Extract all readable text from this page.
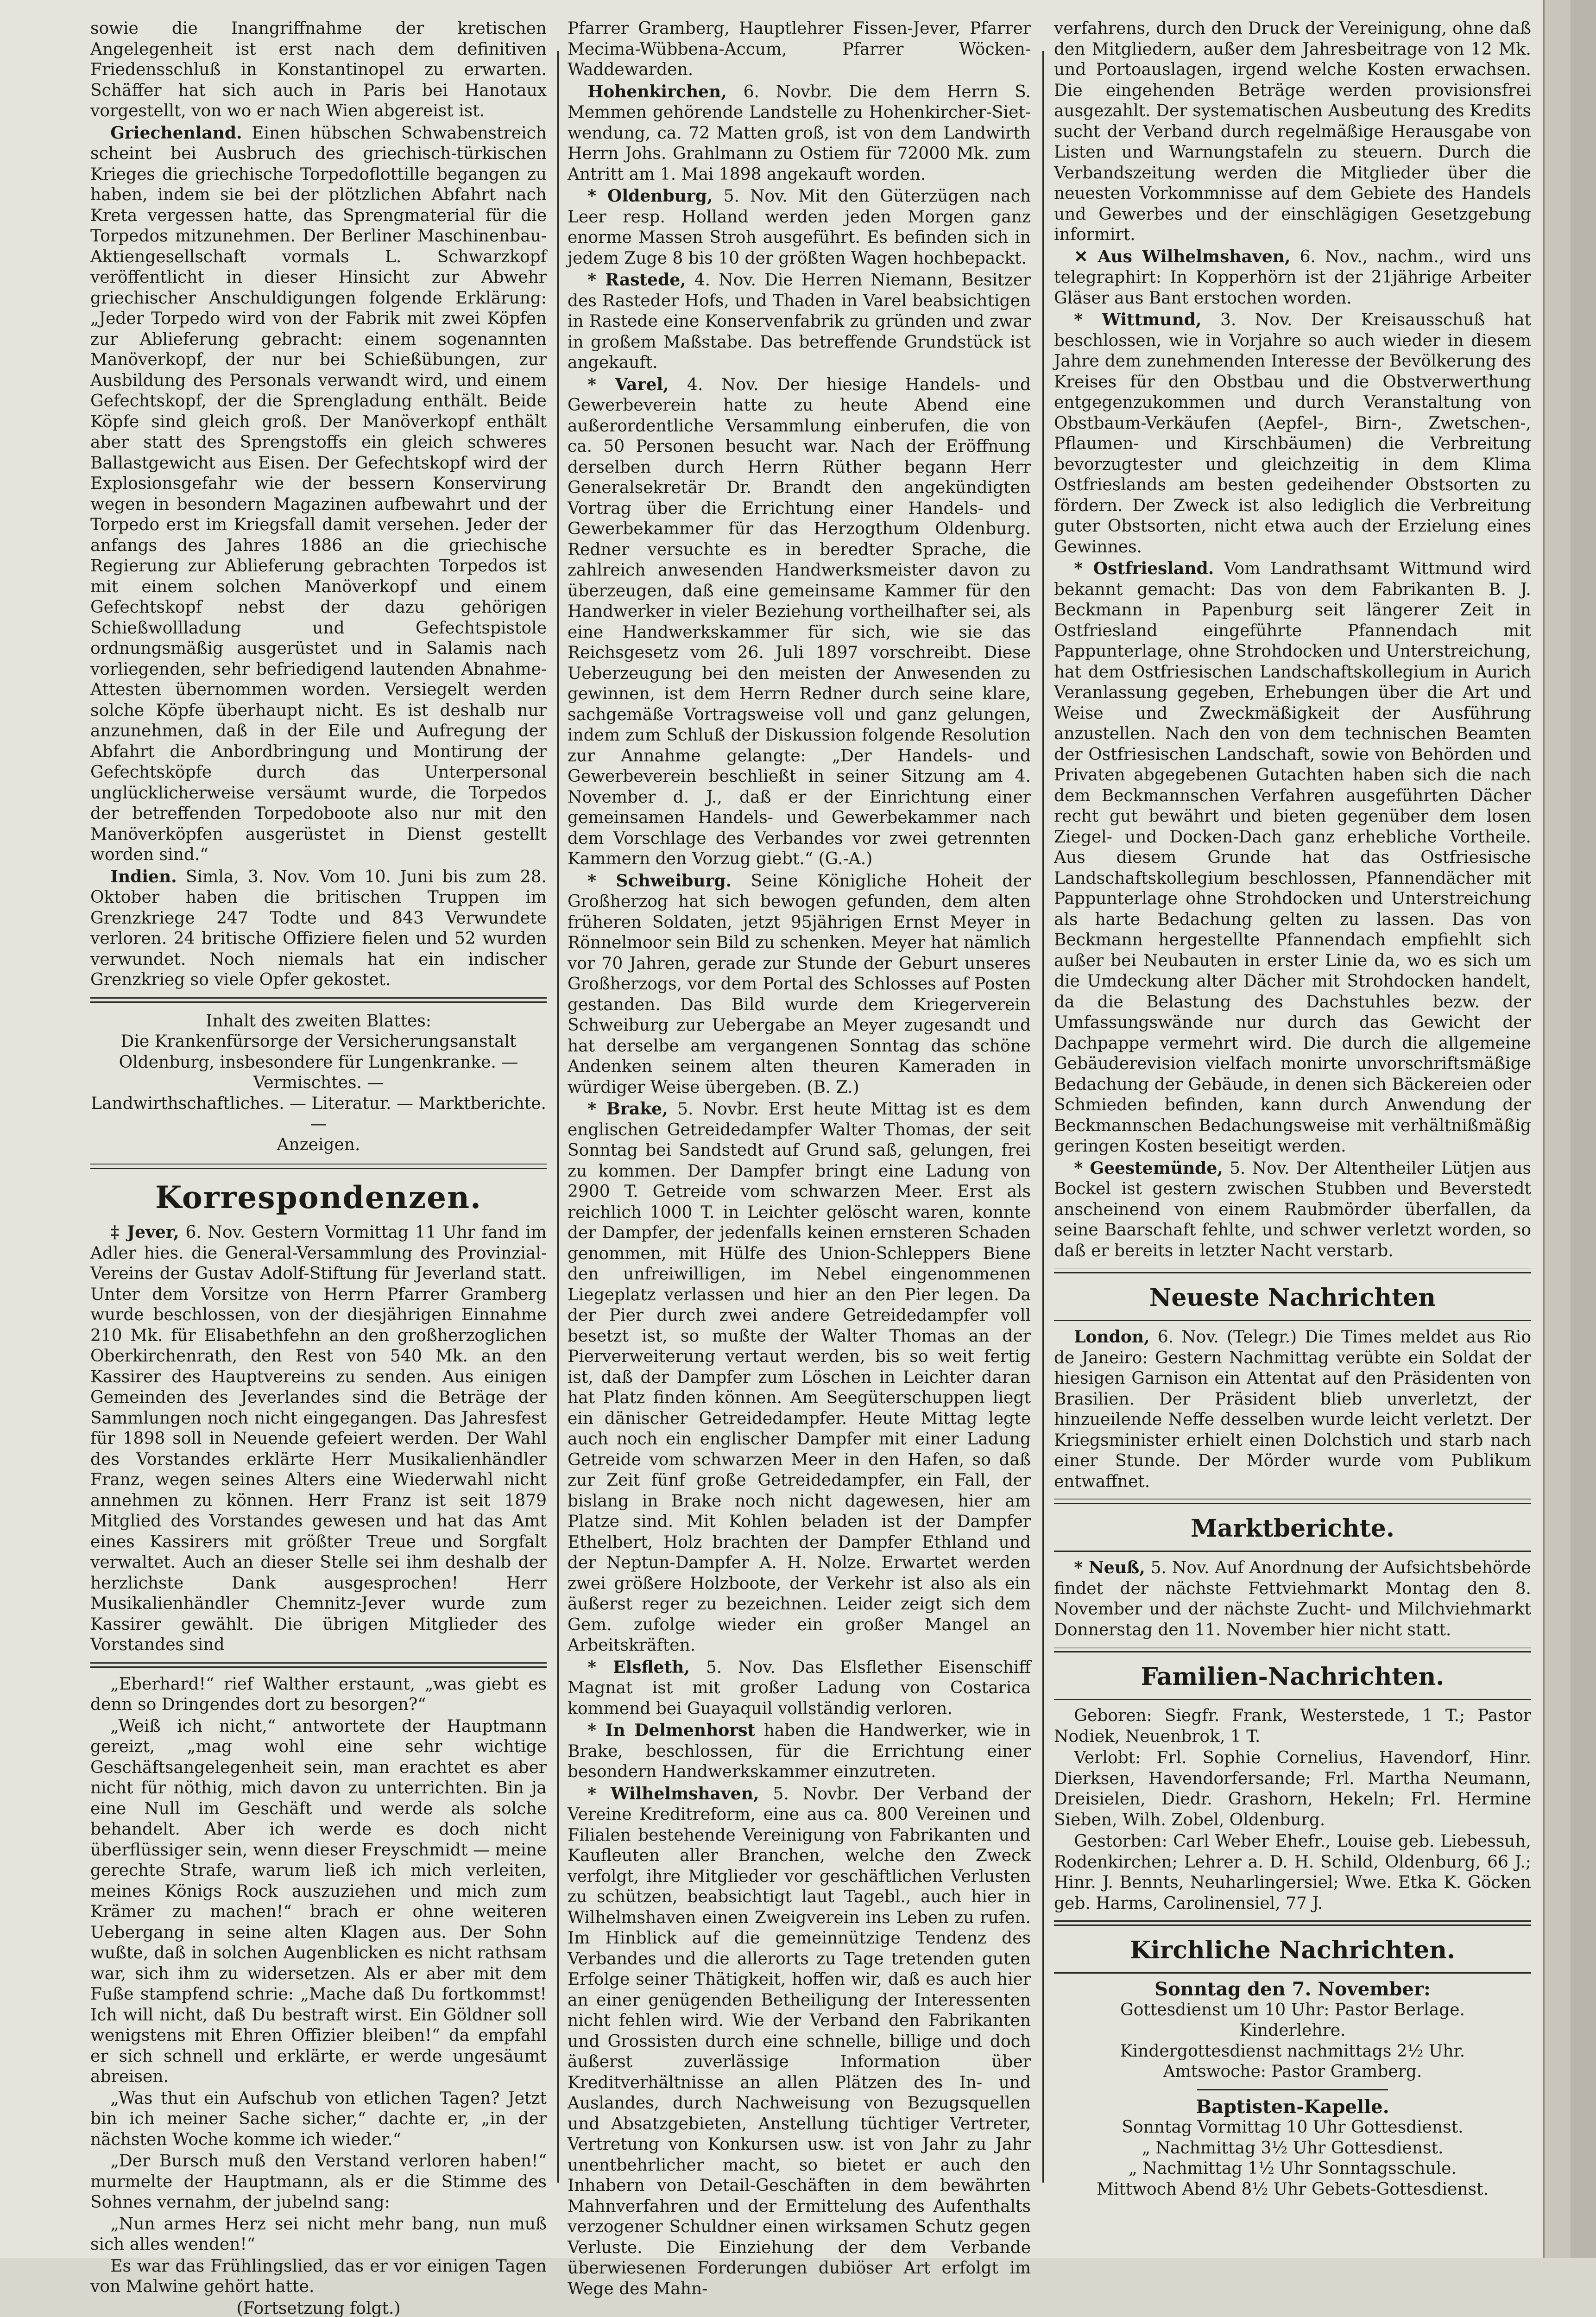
sowie die Inangriffnahme der kretischen Angelegenheit ist erst nach dem definitiven Friedensschluß in Konstantinopel zu erwarten. Schäffer hat sich auch in Paris bei Hanotaux vorgestellt, von wo er nach Wien abgereist ist.

Griechenland. Einen hübschen Schwabenstreich scheint bei Ausbruch des griechisch-türkischen Krieges die griechische Torpedoflottille begangen zu haben, indem sie bei der plötzlichen Abfahrt nach Kreta vergessen hatte, das Sprengmaterial für die Torpedos mitzunehmen. Der Berliner Maschinenbau-Aktiengesellschaft vormals L. Schwarzkopf veröffentlicht in dieser Hinsicht zur Abwehr griechischer Anschuldigungen folgende Erklärung: „Jeder Torpedo wird von der Fabrik mit zwei Köpfen zur Ablieferung gebracht: einem sogenannten Manöverkopf, der nur bei Schießübungen, zur Ausbildung des Personals verwandt wird, und einem Gefechtskopf, der die Sprengladung enthält. Beide Köpfe sind gleich groß. Der Manöverkopf enthält aber statt des Sprengstoffs ein gleich schweres Ballastgewicht aus Eisen. Der Gefechtskopf wird der Explosionsgefahr wie der bessern Konservirung wegen in besondern Magazinen aufbewahrt und der Torpedo erst im Kriegsfall damit versehen. Jeder der anfangs des Jahres 1886 an die griechische Regierung zur Ablieferung gebrachten Torpedos ist mit einem solchen Manöverkopf und einem Gefechtskopf nebst der dazu gehörigen Schießwollladung und Gefechtspistole ordnungsmäßig ausgerüstet und in Salamis nach vorliegenden, sehr befriedigend lautenden Abnahme-Attesten übernommen worden. Versiegelt werden solche Köpfe überhaupt nicht. Es ist deshalb nur anzunehmen, daß in der Eile und Aufregung der Abfahrt die Anbordbringung und Montirung der Gefechtsköpfe durch das Unterpersonal unglücklicherweise versäumt wurde, die Torpedos der betreffenden Torpedoboote also nur mit den Manöverköpfen ausgerüstet in Dienst gestellt worden sind.“

Indien. Simla, 3. Nov. Vom 10. Juni bis zum 28. Oktober haben die britischen Truppen im Grenzkriege 247 Todte und 843 Verwundete verloren. 24 britische Offiziere fielen und 52 wurden verwundet. Noch niemals hat ein indischer Grenzkrieg so viele Opfer gekostet.

Inhalt des zweiten Blattes:
Die Krankenfürsorge der Versicherungsanstalt Oldenburg, insbesondere für Lungenkranke. — Vermischtes. —
Landwirthschaftliches. — Literatur. — Marktberichte. —
Anzeigen.
Korrespondenzen.

‡ Jever, 6. Nov. Gestern Vormittag 11 Uhr fand im Adler hies. die General-Versammlung des Provinzial-Vereins der Gustav Adolf-Stiftung für Jeverland statt. Unter dem Vorsitze von Herrn Pfarrer Gramberg wurde beschlossen, von der diesjährigen Einnahme 210 Mk. für Elisabethfehn an den großherzoglichen Oberkirchenrath, den Rest von 540 Mk. an den Kassirer des Hauptvereins zu senden. Aus einigen Gemeinden des Jeverlandes sind die Beträge der Sammlungen noch nicht eingegangen. Das Jahresfest für 1898 soll in Neuende gefeiert werden. Der Wahl des Vorstandes erklärte Herr Musikalienhändler Franz, wegen seines Alters eine Wiederwahl nicht annehmen zu können. Herr Franz ist seit 1879 Mitglied des Vorstandes gewesen und hat das Amt eines Kassirers mit größter Treue und Sorgfalt verwaltet. Auch an dieser Stelle sei ihm deshalb der herzlichste Dank ausgesprochen! Herr Musikalienhändler Chemnitz-Jever wurde zum Kassirer gewählt. Die übrigen Mitglieder des Vorstandes sind

„Eberhard!“ rief Walther erstaunt, „was giebt es denn so Dringendes dort zu besorgen?“

„Weiß ich nicht,“ antwortete der Hauptmann gereizt, „mag wohl eine sehr wichtige Geschäftsangelegenheit sein, man erachtet es aber nicht für nöthig, mich davon zu unterrichten. Bin ja eine Null im Geschäft und werde als solche behandelt. Aber ich werde es doch nicht überflüssiger sein, wenn dieser Freyschmidt — meine gerechte Strafe, warum ließ ich mich verleiten, meines Königs Rock auszuziehen und mich zum Krämer zu machen!“ brach er ohne weiteren Uebergang in seine alten Klagen aus. Der Sohn wußte, daß in solchen Augenblicken es nicht rathsam war, sich ihm zu widersetzen. Als er aber mit dem Fuße stampfend schrie: „Mache daß Du fortkommst! Ich will nicht, daß Du bestraft wirst. Ein Göldner soll wenigstens mit Ehren Offizier bleiben!“ da empfahl er sich schnell und erklärte, er werde ungesäumt abreisen.

„Was thut ein Aufschub von etlichen Tagen? Jetzt bin ich meiner Sache sicher,“ dachte er, „in der nächsten Woche komme ich wieder.“

„Der Bursch muß den Verstand verloren haben!“ murmelte der Hauptmann, als er die Stimme des Sohnes vernahm, der jubelnd sang:

„Nun armes Herz sei nicht mehr bang, nun muß sich alles wenden!“

Es war das Frühlingslied, das er vor einigen Tagen von Malwine gehört hatte.

(Fortsetzung folgt.)

Pfarrer Gramberg, Hauptlehrer Fissen-Jever, Pfarrer Mecima-Wübbena-Accum, Pfarrer Wöcken-Waddewarden.

Hohenkirchen, 6. Novbr. Die dem Herrn S. Memmen gehörende Landstelle zu Hohenkircher-Siet-wendung, ca. 72 Matten groß, ist von dem Landwirth Herrn Johs. Grahlmann zu Ostiem für 72000 Mk. zum Antritt am 1. Mai 1898 angekauft worden.

* Oldenburg, 5. Nov. Mit den Güterzügen nach Leer resp. Holland werden jeden Morgen ganz enorme Massen Stroh ausgeführt. Es befinden sich in jedem Zuge 8 bis 10 der größten Wagen hochbepackt.

* Rastede, 4. Nov. Die Herren Niemann, Besitzer des Rasteder Hofs, und Thaden in Varel beabsichtigen in Rastede eine Konservenfabrik zu gründen und zwar in großem Maßstabe. Das betreffende Grundstück ist angekauft.

* Varel, 4. Nov. Der hiesige Handels- und Gewerbeverein hatte zu heute Abend eine außerordentliche Versammlung einberufen, die von ca. 50 Personen besucht war. Nach der Eröffnung derselben durch Herrn Rüther begann Herr Generalsekretär Dr. Brandt den angekündigten Vortrag über die Errichtung einer Handels- und Gewerbekammer für das Herzogthum Oldenburg. Redner versuchte es in beredter Sprache, die zahlreich anwesenden Handwerksmeister davon zu überzeugen, daß eine gemeinsame Kammer für den Handwerker in vieler Beziehung vortheilhafter sei, als eine Handwerkskammer für sich, wie sie das Reichsgesetz vom 26. Juli 1897 vorschreibt. Diese Ueberzeugung bei den meisten der Anwesenden zu gewinnen, ist dem Herrn Redner durch seine klare, sachgemäße Vortragsweise voll und ganz gelungen, indem zum Schluß der Diskussion folgende Resolution zur Annahme gelangte: „Der Handels- und Gewerbeverein beschließt in seiner Sitzung am 4. November d. J., daß er der Einrichtung einer gemeinsamen Handels- und Gewerbekammer nach dem Vorschlage des Verbandes vor zwei getrennten Kammern den Vorzug giebt.“ (G.-A.)

* Schweiburg. Seine Königliche Hoheit der Großherzog hat sich bewogen gefunden, dem alten früheren Soldaten, jetzt 95jährigen Ernst Meyer in Rönnelmoor sein Bild zu schenken. Meyer hat nämlich vor 70 Jahren, gerade zur Stunde der Geburt unseres Großherzogs, vor dem Portal des Schlosses auf Posten gestanden. Das Bild wurde dem Kriegerverein Schweiburg zur Uebergabe an Meyer zugesandt und hat derselbe am vergangenen Sonntag das schöne Andenken seinem alten theuren Kameraden in würdiger Weise übergeben. (B. Z.)

* Brake, 5. Novbr. Erst heute Mittag ist es dem englischen Getreidedampfer Walter Thomas, der seit Sonntag bei Sandstedt auf Grund saß, gelungen, frei zu kommen. Der Dampfer bringt eine Ladung von 2900 T. Getreide vom schwarzen Meer. Erst als reichlich 1000 T. in Leichter gelöscht waren, konnte der Dampfer, der jedenfalls keinen ernsteren Schaden genommen, mit Hülfe des Union-Schleppers Biene den unfreiwilligen, im Nebel eingenommenen Liegeplatz verlassen und hier an den Pier legen. Da der Pier durch zwei andere Getreidedampfer voll besetzt ist, so mußte der Walter Thomas an der Pierverweiterung vertaut werden, bis so weit fertig ist, daß der Dampfer zum Löschen in Leichter daran hat Platz finden können. Am Seegüterschuppen liegt ein dänischer Getreidedampfer. Heute Mittag legte auch noch ein englischer Dampfer mit einer Ladung Getreide vom schwarzen Meer in den Hafen, so daß zur Zeit fünf große Getreidedampfer, ein Fall, der bislang in Brake noch nicht dagewesen, hier am Platze sind. Mit Kohlen beladen ist der Dampfer Ethelbert, Holz brachten der Dampfer Ethland und der Neptun-Dampfer A. H. Nolze. Erwartet werden zwei größere Holzboote, der Verkehr ist also als ein äußerst reger zu bezeichnen. Leider zeigt sich dem Gem. zufolge wieder ein großer Mangel an Arbeitskräften.

* Elsfleth, 5. Nov. Das Elsflether Eisenschiff Magnat ist mit großer Ladung von Costarica kommend bei Guayaquil vollständig verloren.

* In Delmenhorst haben die Handwerker, wie in Brake, beschlossen, für die Errichtung einer besondern Handwerkskammer einzutreten.

* Wilhelmshaven, 5. Novbr. Der Verband der Vereine Kreditreform, eine aus ca. 800 Vereinen und Filialen bestehende Vereinigung von Fabrikanten und Kaufleuten aller Branchen, welche den Zweck verfolgt, ihre Mitglieder vor geschäftlichen Verlusten zu schützen, beabsichtigt laut Tagebl., auch hier in Wilhelmshaven einen Zweigverein ins Leben zu rufen. Im Hinblick auf die gemeinnützige Tendenz des Verbandes und die allerorts zu Tage tretenden guten Erfolge seiner Thätigkeit, hoffen wir, daß es auch hier an einer genügenden Betheiligung der Interessenten nicht fehlen wird. Wie der Verband den Fabrikanten und Grossisten durch eine schnelle, billige und doch äußerst zuverlässige Information über Kreditverhältnisse an allen Plätzen des In- und Auslandes, durch Nachweisung von Bezugsquellen und Absatzgebieten, Anstellung tüchtiger Vertreter, Vertretung von Konkursen usw. ist von Jahr zu Jahr unentbehrlicher macht, so bietet er auch den Inhabern von Detail-Geschäften in dem bewährten Mahnverfahren und der Ermittelung des Aufenthalts verzogener Schuldner einen wirksamen Schutz gegen Verluste. Die Einziehung der dem Verbande überwiesenen Forderungen dubiöser Art erfolgt im Wege des Mahn-

verfahrens, durch den Druck der Vereinigung, ohne daß den Mitgliedern, außer dem Jahresbeitrage von 12 Mk. und Portoauslagen, irgend welche Kosten erwachsen. Die eingehenden Beträge werden provisionsfrei ausgezahlt. Der systematischen Ausbeutung des Kredits sucht der Verband durch regelmäßige Herausgabe von Listen und Warnungstafeln zu steuern. Durch die Verbandszeitung werden die Mitglieder über die neuesten Vorkommnisse auf dem Gebiete des Handels und Gewerbes und der einschlägigen Gesetzgebung informirt.

✕ Aus Wilhelmshaven, 6. Nov., nachm., wird uns telegraphirt: In Kopperhörn ist der 21jährige Arbeiter Gläser aus Bant erstochen worden.

* Wittmund, 3. Nov. Der Kreisausschuß hat beschlossen, wie in Vorjahre so auch wieder in diesem Jahre dem zunehmenden Interesse der Bevölkerung des Kreises für den Obstbau und die Obstverwerthung entgegenzukommen und durch Veranstaltung von Obstbaum-Verkäufen (Aepfel-, Birn-, Zwetschen-, Pflaumen- und Kirschbäumen) die Verbreitung bevorzugtester und gleichzeitig in dem Klima Ostfrieslands am besten gedeihender Obstsorten zu fördern. Der Zweck ist also lediglich die Verbreitung guter Obstsorten, nicht etwa auch der Erzielung eines Gewinnes.

* Ostfriesland. Vom Landrathsamt Wittmund wird bekannt gemacht: Das von dem Fabrikanten B. J. Beckmann in Papenburg seit längerer Zeit in Ostfriesland eingeführte Pfannendach mit Pappunterlage, ohne Strohdocken und Unterstreichung, hat dem Ostfriesischen Landschaftskollegium in Aurich Veranlassung gegeben, Erhebungen über die Art und Weise und Zweckmäßigkeit der Ausführung anzustellen. Nach den von dem technischen Beamten der Ostfriesischen Landschaft, sowie von Behörden und Privaten abgegebenen Gutachten haben sich die nach dem Beckmannschen Verfahren ausgeführten Dächer recht gut bewährt und bieten gegenüber dem losen Ziegel- und Docken-Dach ganz erhebliche Vortheile. Aus diesem Grunde hat das Ostfriesische Landschaftskollegium beschlossen, Pfannendächer mit Pappunterlage ohne Strohdocken und Unterstreichung als harte Bedachung gelten zu lassen. Das von Beckmann hergestellte Pfannendach empfiehlt sich außer bei Neubauten in erster Linie da, wo es sich um die Umdeckung alter Dächer mit Strohdocken handelt, da die Belastung des Dachstuhles bezw. der Umfassungswände nur durch das Gewicht der Dachpappe vermehrt wird. Die durch die allgemeine Gebäuderevision vielfach monirte unvorschriftsmäßige Bedachung der Gebäude, in denen sich Bäckereien oder Schmieden befinden, kann durch Anwendung der Beckmannschen Bedachungsweise mit verhältnißmäßig geringen Kosten beseitigt werden.

* Geestemünde, 5. Nov. Der Altentheiler Lütjen aus Bockel ist gestern zwischen Stubben und Beverstedt anscheinend von einem Raubmörder überfallen, da seine Baarschaft fehlte, und schwer verletzt worden, so daß er bereits in letzter Nacht verstarb.

Neueste Nachrichten

London, 6. Nov. (Telegr.) Die Times meldet aus Rio de Janeiro: Gestern Nachmittag verübte ein Soldat der hiesigen Garnison ein Attentat auf den Präsidenten von Brasilien. Der Präsident blieb unverletzt, der hinzueilende Neffe desselben wurde leicht verletzt. Der Kriegsminister erhielt einen Dolchstich und starb nach einer Stunde. Der Mörder wurde vom Publikum entwaffnet.

Marktberichte.

* Neuß, 5. Nov. Auf Anordnung der Aufsichtsbehörde findet der nächste Fettviehmarkt Montag den 8. November und der nächste Zucht- und Milchviehmarkt Donnerstag den 11. November hier nicht statt.

Familien-Nachrichten.

Geboren: Siegfr. Frank, Westerstede, 1 T.; Pastor Nodiek, Neuenbrok, 1 T.

Verlobt: Frl. Sophie Cornelius, Havendorf, Hinr. Dierksen, Havendorfersande; Frl. Martha Neumann, Dreisielen, Diedr. Grashorn, Hekeln; Frl. Hermine Sieben, Wilh. Zobel, Oldenburg.

Gestorben: Carl Weber Ehefr., Louise geb. Liebessuh, Rodenkirchen; Lehrer a. D. H. Schild, Oldenburg, 66 J.; Hinr. J. Bennts, Neuharlingersiel; Wwe. Etka K. Göcken geb. Harms, Carolinensiel, 77 J.

Kirchliche Nachrichten.
Sonntag den 7. November:
Gottesdienst um 10 Uhr: Pastor Berlage.
Kinderlehre.
Kindergottesdienst nachmittags 2½ Uhr.
Amtswoche: Pastor Gramberg.
Baptisten-Kapelle.
Sonntag Vormittag 10 Uhr Gottesdienst.
„ Nachmittag 3½ Uhr Gottesdienst.
„ Nachmittag 1½ Uhr Sonntagsschule.
Mittwoch Abend 8½ Uhr Gebets-Gottesdienst.
